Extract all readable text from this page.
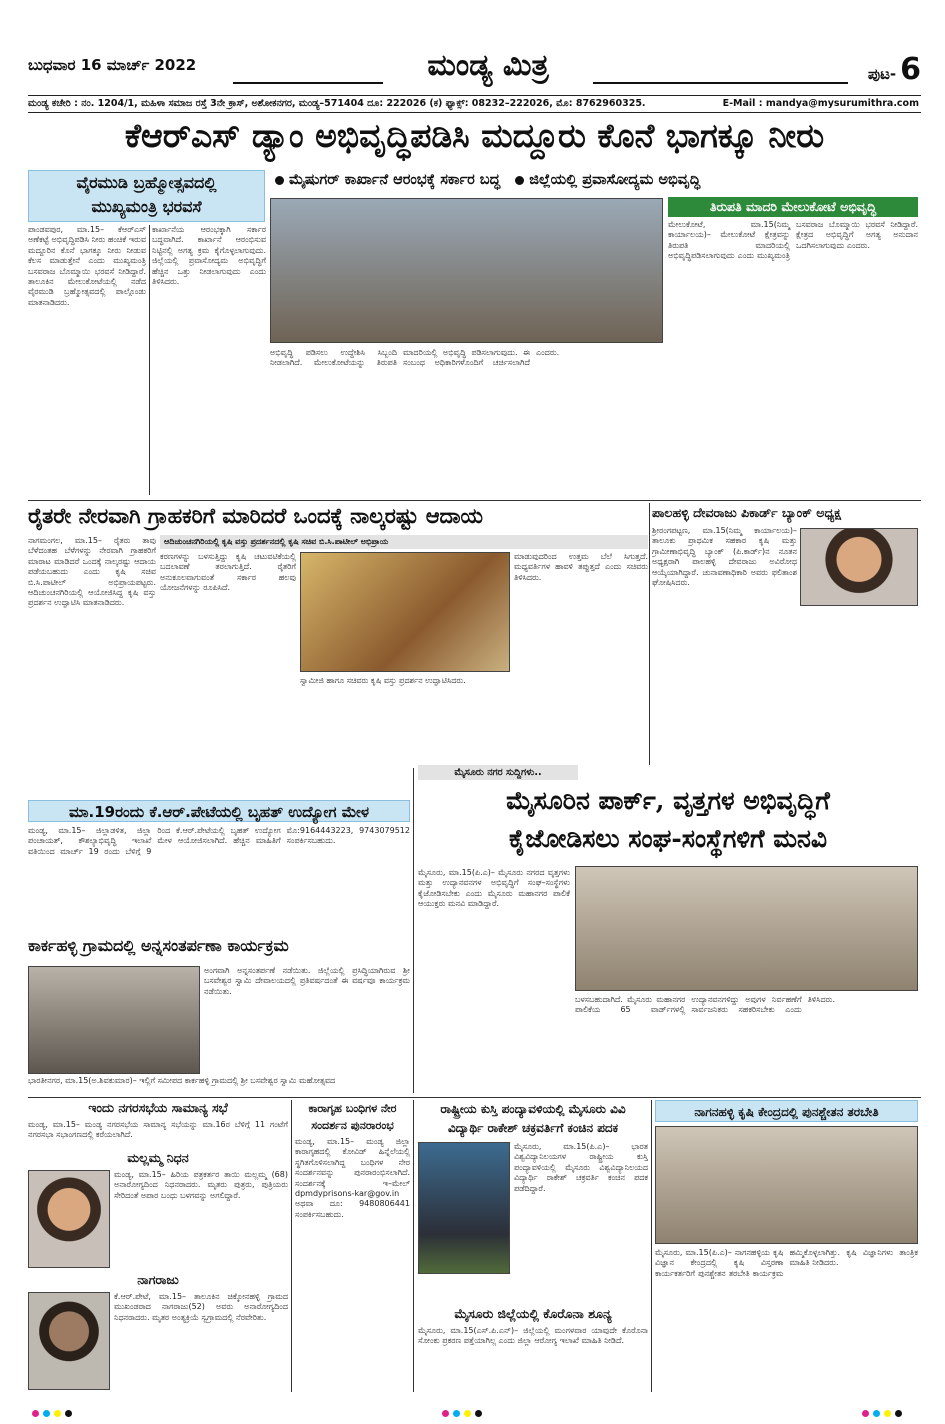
ಬುಧವಾರ 16 ಮಾರ್ಚ್ 2022	ಮಂಡ್ಯ ಮಿತ್ರ	ಪುಟ- 6
ಮಂಡ್ಯ ಕಚೇರಿ : ನಂ. 1204/1, ಮಹಿಳಾ ಸಮಾಜ ರಸ್ತೆ 3ನೇ ಕ್ರಾಸ್, ಅಶೋಕನಗರ, ಮಂಡ್ಯ–571404 ದೂ: 222026 (ಕ) ಫ್ಯಾಕ್ಸ್: 08232–222026, ಮೊ: 8762960325.	E-Mail : mandya@mysurumithra.com
ಕೆಆರ್‌ಎಸ್ ಡ್ಯಾಂ ಅಭಿವೃದ್ಧಿಪಡಿಸಿ ಮದ್ದೂರು ಕೊನೆ ಭಾಗಕ್ಕೂ ನೀರು
ವೈರಮುಡಿ ಬ್ರಹ್ಮೋತ್ಸವದಲ್ಲಿ
ಮುಖ್ಯಮಂತ್ರಿ ಭರವಸೆ
ಮೈಷುಗರ್ ಕಾರ್ಖಾನೆ ಆರಂಭಕ್ಕೆ ಸರ್ಕಾರ ಬದ್ಧ ಜಿಲ್ಲೆಯಲ್ಲಿ ಪ್ರವಾಸೋದ್ಯಮ ಅಭಿವೃದ್ಧಿ
ಪಾಂಡವಪುರ, ಮಾ.15– ಕೆಆರ್‌ಎಸ್ ಅಣೆಕಟ್ಟೆ ಅಭಿವೃದ್ಧಿಪಡಿಸಿ ನೀರು ಹಂಚಿಕೆ ಇರುವ ಮದ್ದೂರಿನ ಕೊನೆ ಭಾಗಕ್ಕೂ ನೀರು ನೀಡುವ ಕೆಲಸ ಮಾಡುತ್ತೇನೆ ಎಂದು ಮುಖ್ಯಮಂತ್ರಿ ಬಸವರಾಜ ಬೊಮ್ಮಾಯಿ ಭರವಸೆ ನೀಡಿದ್ದಾರೆ. ತಾಲೂಕಿನ ಮೇಲುಕೋಟೆಯಲ್ಲಿ ನಡೆದ ವೈರಮುಡಿ ಬ್ರಹ್ಮೋತ್ಸವದಲ್ಲಿ ಪಾಲ್ಗೊಂಡು ಮಾತನಾಡಿದರು.
ಕಾರ್ಖಾನೆಯ ಆರಂಭಕ್ಕಾಗಿ ಸರ್ಕಾರ ಬದ್ಧವಾಗಿದೆ. ಕಾರ್ಖಾನೆ ಆರಂಭಿಸುವ ನಿಟ್ಟಿನಲ್ಲಿ ಅಗತ್ಯ ಕ್ರಮ ಕೈಗೊಳ್ಳಲಾಗುವುದು. ಜಿಲ್ಲೆಯಲ್ಲಿ ಪ್ರವಾಸೋದ್ಯಮ ಅಭಿವೃದ್ಧಿಗೆ ಹೆಚ್ಚಿನ ಒತ್ತು ನೀಡಲಾಗುವುದು ಎಂದು ತಿಳಿಸಿದರು.
ಅಭಿವೃದ್ಧಿ ಪಡಿಸಲು ಉದ್ದೇಶಿಸಿ ಸಿಬ್ಬಂದಿ ನೀಡಲಾಗಿದೆ. ಮೇಲುಕೋಟೆಯನ್ನು ತಿರುಪತಿ ಮಾದರಿಯಲ್ಲಿ ಅಭಿವೃದ್ಧಿ ಪಡಿಸಲಾಗುವುದು. ಈ ಸಂಬಂಧ ಅಧಿಕಾರಿಗಳೊಂದಿಗೆ ಚರ್ಚಿಸಲಾಗಿದೆ ಎಂದರು.
ತಿರುಪತಿ ಮಾದರಿ ಮೇಲುಕೋಟೆ ಅಭಿವೃದ್ಧಿ
ಮೇಲುಕೋಟೆ, ಮಾ.15(ನಿಮ್ಮ ಕಾರ್ಯಾಲಯ)– ಮೇಲುಕೋಟೆ ಕ್ಷೇತ್ರವನ್ನು ತಿರುಪತಿ ಮಾದರಿಯಲ್ಲಿ ಅಭಿವೃದ್ಧಿಪಡಿಸಲಾಗುವುದು ಎಂದು ಮುಖ್ಯಮಂತ್ರಿ ಬಸವರಾಜ ಬೊಮ್ಮಾಯಿ ಭರವಸೆ ನೀಡಿದ್ದಾರೆ. ಕ್ಷೇತ್ರದ ಅಭಿವೃದ್ಧಿಗೆ ಅಗತ್ಯ ಅನುದಾನ ಒದಗಿಸಲಾಗುವುದು ಎಂದರು.
ರೈತರೇ ನೇರವಾಗಿ ಗ್ರಾಹಕರಿಗೆ ಮಾರಿದರೆ ಒಂದಕ್ಕೆ ನಾಲ್ಕರಷ್ಟು ಆದಾಯ
ನಾಗಮಂಗಲ, ಮಾ.15– ರೈತರು ತಾವು ಬೆಳೆದಂತಹ ಬೆಳೆಗಳನ್ನು ನೇರವಾಗಿ ಗ್ರಾಹಕರಿಗೆ ಮಾರಾಟ ಮಾಡಿದರೆ ಒಂದಕ್ಕೆ ನಾಲ್ಕರಷ್ಟು ಆದಾಯ ಪಡೆಯಬಹುದು ಎಂದು ಕೃಷಿ ಸಚಿವ ಬಿ.ಸಿ.ಪಾಟೀಲ್ ಅಭಿಪ್ರಾಯಪಟ್ಟರು. ಆದಿಚುಂಚನಗಿರಿಯಲ್ಲಿ ಆಯೋಜಿಸಿದ್ದ ಕೃಷಿ ವಸ್ತು ಪ್ರದರ್ಶನ ಉದ್ಘಾಟಿಸಿ ಮಾತನಾಡಿದರು.
ಆದಿಚುಂಚನಗಿರಿಯಲ್ಲಿ ಕೃಷಿ ವಸ್ತು ಪ್ರದರ್ಶನದಲ್ಲಿ ಕೃಷಿ ಸಚಿವ ಬಿ.ಸಿ.ಪಾಟೀಲ್ ಅಭಿಪ್ರಾಯ
ಕರಣಗಳನ್ನು ಬಳಸುತ್ತಿದ್ದು ಕೃಷಿ ಚಟುವಟಿಕೆಯಲ್ಲಿ ಬದಲಾವಣೆ ತರಲಾಗುತ್ತಿದೆ. ರೈತರಿಗೆ ಅನುಕೂಲವಾಗುವಂತೆ ಸರ್ಕಾರ ಹಲವು ಯೋಜನೆಗಳನ್ನು ರೂಪಿಸಿದೆ.
ಸ್ವಾಮೀಜಿ ಹಾಗೂ ಸಚಿವರು ಕೃಷಿ ವಸ್ತು ಪ್ರದರ್ಶನ ಉದ್ಘಾಟಿಸಿದರು.
ಮಾಡುವುದರಿಂದ ಉತ್ತಮ ಬೆಲೆ ಸಿಗುತ್ತದೆ. ಮಧ್ಯವರ್ತಿಗಳ ಹಾವಳಿ ತಪ್ಪುತ್ತದೆ ಎಂದು ಸಚಿವರು ತಿಳಿಸಿದರು.
ಪಾಲಹಳ್ಳಿ ದೇವರಾಜು ಪಿಕಾರ್ಡ್ ಬ್ಯಾಂಕ್ ಅಧ್ಯಕ್ಷ
ಶ್ರೀರಂಗಪಟ್ಟಣ, ಮಾ.15(ನಿಮ್ಮ ಕಾರ್ಯಾಲಯ)– ತಾಲೂಕು ಪ್ರಾಥಮಿಕ ಸಹಕಾರ ಕೃಷಿ ಮತ್ತು ಗ್ರಾಮೀಣಾಭಿವೃದ್ಧಿ ಬ್ಯಾಂಕ್ (ಪಿ.ಕಾರ್ಡ್)ನ ನೂತನ ಅಧ್ಯಕ್ಷರಾಗಿ ಪಾಲಹಳ್ಳಿ ದೇವರಾಜು ಅವಿರೋಧ ಆಯ್ಕೆಯಾಗಿದ್ದಾರೆ. ಚುನಾವಣಾಧಿಕಾರಿ ಅವರು ಫಲಿತಾಂಶ ಘೋಷಿಸಿದರು.
ಮೈಸೂರು ನಗರ ಸುದ್ದಿಗಳು..
ಮೈಸೂರಿನ ಪಾರ್ಕ್, ವೃತ್ತಗಳ ಅಭಿವೃದ್ಧಿಗೆ
ಕೈಜೋಡಿಸಲು ಸಂಘ-ಸಂಸ್ಥೆಗಳಿಗೆ ಮನವಿ
ಮೈಸೂರು, ಮಾ.15(ಪಿ.ಎ)– ಮೈಸೂರು ನಗರದ ವೃತ್ತಗಳು ಮತ್ತು ಉದ್ಯಾನವನಗಳ ಅಭಿವೃದ್ಧಿಗೆ ಸಂಘ–ಸಂಸ್ಥೆಗಳು ಕೈಜೋಡಿಸಬೇಕು ಎಂದು ಮೈಸೂರು ಮಹಾನಗರ ಪಾಲಿಕೆ ಆಯುಕ್ತರು ಮನವಿ ಮಾಡಿದ್ದಾರೆ.
ಬಳಸಬಹುದಾಗಿದೆ. ಮೈಸೂರು ಮಹಾನಗರ ಪಾಲಿಕೆಯ 65 ವಾರ್ಡ್‌ಗಳಲ್ಲಿ ಉದ್ಯಾನವನಗಳಿದ್ದು ಅವುಗಳ ನಿರ್ವಹಣೆಗೆ ಸಾರ್ವಜನಿಕರು ಸಹಕರಿಸಬೇಕು ಎಂದು ತಿಳಿಸಿದರು.
ಮಾ.19ರಂದು ಕೆ.ಆರ್.ಪೇಟೆಯಲ್ಲಿ ಬೃಹತ್ ಉದ್ಯೋಗ ಮೇಳ
ಮಂಡ್ಯ, ಮಾ.15– ಜಿಲ್ಲಾಡಳಿತ, ಜಿಲ್ಲಾ ಪಂಚಾಯತ್, ಕೌಶಲ್ಯಾಭಿವೃದ್ಧಿ ಇಲಾಖೆ ವತಿಯಿಂದ ಮಾರ್ಚ್ 19 ರಂದು ಬೆಳಿಗ್ಗೆ 9 ರಿಂದ ಕೆ.ಆರ್.ಪೇಟೆಯಲ್ಲಿ ಬೃಹತ್ ಉದ್ಯೋಗ ಮೇಳ ಆಯೋಜಿಸಲಾಗಿದೆ. ಹೆಚ್ಚಿನ ಮಾಹಿತಿಗೆ ಮೊ:9164443223, 9743079512 ಸಂಪರ್ಕಿಸಬಹುದು.
ಕಾರ್ಕಹಳ್ಳಿ ಗ್ರಾಮದಲ್ಲಿ ಅನ್ನಸಂತರ್ಪಣಾ ಕಾರ್ಯಕ್ರಮ
ಅಂಗವಾಗಿ ಅನ್ನಸಂತರ್ಪಣೆ ನಡೆಯಿತು. ಜಿಲ್ಲೆಯಲ್ಲಿ ಪ್ರಸಿದ್ಧಿಯಾಗಿರುವ ಶ್ರೀ ಬಸವೇಶ್ವರ ಸ್ವಾಮಿ ದೇವಾಲಯದಲ್ಲಿ ಪ್ರತಿವರ್ಷದಂತೆ ಈ ವರ್ಷವೂ ಕಾರ್ಯಕ್ರಮ ನಡೆಯಿತು.
ಭಾರತೀನಗರ, ಮಾ.15(ಅ.ಶಿವಕುಮಾರ)– ಇಲ್ಲಿಗೆ ಸಮೀಪದ ಕಾರ್ಕಹಳ್ಳಿ ಗ್ರಾಮದಲ್ಲಿ ಶ್ರೀ ಬಸವೇಶ್ವರ ಸ್ವಾಮಿ ಮಹೋತ್ಸವದ
ಇಂದು ನಗರಸಭೆಯ ಸಾಮಾನ್ಯ ಸಭೆ
ಮಂಡ್ಯ, ಮಾ.15– ಮಂಡ್ಯ ನಗರಸಭೆಯ ಸಾಮಾನ್ಯ ಸಭೆಯನ್ನು ಮಾ.16ರ ಬೆಳಿಗ್ಗೆ 11 ಗಂಟೆಗೆ ನಗರಸಭಾ ಸಭಾಂಗಣದಲ್ಲಿ ಕರೆಯಲಾಗಿದೆ.
ಮಲ್ಲಮ್ಮ ನಿಧನ
ಮಂಡ್ಯ, ಮಾ.15– ಹಿರಿಯ ಪತ್ರಕರ್ತರ ತಾಯಿ ಮಲ್ಲಮ್ಮ (68) ಅನಾರೋಗ್ಯದಿಂದ ನಿಧನರಾದರು. ಮೃತರು ಪುತ್ರರು, ಪುತ್ರಿಯರು ಸೇರಿದಂತೆ ಅಪಾರ ಬಂಧು ಬಳಗವನ್ನು ಅಗಲಿದ್ದಾರೆ.
ನಾಗರಾಜು
ಕೆ.ಆರ್.ಪೇಟೆ, ಮಾ.15– ತಾಲೂಕಿನ ಚಿಕ್ಕೋನಹಳ್ಳಿ ಗ್ರಾಮದ ಮುಖಂಡರಾದ ನಾಗರಾಜು(52) ಅವರು ಅನಾರೋಗ್ಯದಿಂದ ನಿಧನರಾದರು. ಮೃತರ ಅಂತ್ಯಕ್ರಿಯೆ ಸ್ವಗ್ರಾಮದಲ್ಲಿ ನೆರವೇರಿತು.
ಕಾರಾಗೃಹ ಬಂಧಿಗಳ ನೇರ
ಸಂದರ್ಶನ ಪುನರಾರಂಭ
ಮಂಡ್ಯ, ಮಾ.15– ಮಂಡ್ಯ ಜಿಲ್ಲಾ ಕಾರಾಗೃಹದಲ್ಲಿ ಕೋವಿಡ್ ಹಿನ್ನೆಲೆಯಲ್ಲಿ ಸ್ಥಗಿತಗೊಳಿಸಲಾಗಿದ್ದ ಬಂಧಿಗಳ ನೇರ ಸಂದರ್ಶನವನ್ನು ಪುನರಾರಂಭಿಸಲಾಗಿದೆ. ಸಂದರ್ಶನಕ್ಕೆ ಇ–ಮೇಲ್ dpmdyprisons-kar@gov.in ಅಥವಾ ದೂ: 9480806441 ಸಂಪರ್ಕಿಸಬಹುದು.
ರಾಷ್ಟ್ರೀಯ ಕುಸ್ತಿ ಪಂದ್ಯಾವಳಿಯಲ್ಲಿ ಮೈಸೂರು ವಿವಿ
ವಿದ್ಯಾರ್ಥಿ ರಾಕೇಶ್ ಚಕ್ರವರ್ತಿಗೆ ಕಂಚಿನ ಪದಕ
ಮೈಸೂರು, ಮಾ.15(ಪಿ.ಎ)– ಭಾರತ ವಿಶ್ವವಿದ್ಯಾನಿಲಯಗಳ ರಾಷ್ಟ್ರೀಯ ಕುಸ್ತಿ ಪಂದ್ಯಾವಳಿಯಲ್ಲಿ ಮೈಸೂರು ವಿಶ್ವವಿದ್ಯಾನಿಲಯದ ವಿದ್ಯಾರ್ಥಿ ರಾಕೇಶ್ ಚಕ್ರವರ್ತಿ ಕಂಚಿನ ಪದಕ ಪಡೆದಿದ್ದಾರೆ.
ಮೈಸೂರು ಜಿಲ್ಲೆಯಲ್ಲಿ ಕೊರೊನಾ ಶೂನ್ಯ
ಮೈಸೂರು, ಮಾ.15(ಎಸ್.ಪಿ.ಎನ್)– ಜಿಲ್ಲೆಯಲ್ಲಿ ಮಂಗಳವಾರ ಯಾವುದೇ ಕೊರೊನಾ ಸೋಂಕು ಪ್ರಕರಣ ಪತ್ತೆಯಾಗಿಲ್ಲ ಎಂದು ಜಿಲ್ಲಾ ಆರೋಗ್ಯ ಇಲಾಖೆ ಮಾಹಿತಿ ನೀಡಿದೆ.
ನಾಗನಹಳ್ಳಿ ಕೃಷಿ ಕೇಂದ್ರದಲ್ಲಿ ಪುನಶ್ಚೇತನ ತರಬೇತಿ
ಮೈಸೂರು, ಮಾ.15(ಪಿ.ಎ)– ನಾಗನಹಳ್ಳಿಯ ಕೃಷಿ ವಿಜ್ಞಾನ ಕೇಂದ್ರದಲ್ಲಿ ಕೃಷಿ ವಿಸ್ತರಣಾ ಕಾರ್ಯಕರ್ತರಿಗೆ ಪುನಶ್ಚೇತನ ತರಬೇತಿ ಕಾರ್ಯಕ್ರಮ ಹಮ್ಮಿಕೊಳ್ಳಲಾಗಿತ್ತು. ಕೃಷಿ ವಿಜ್ಞಾನಿಗಳು ತಾಂತ್ರಿಕ ಮಾಹಿತಿ ನೀಡಿದರು.
